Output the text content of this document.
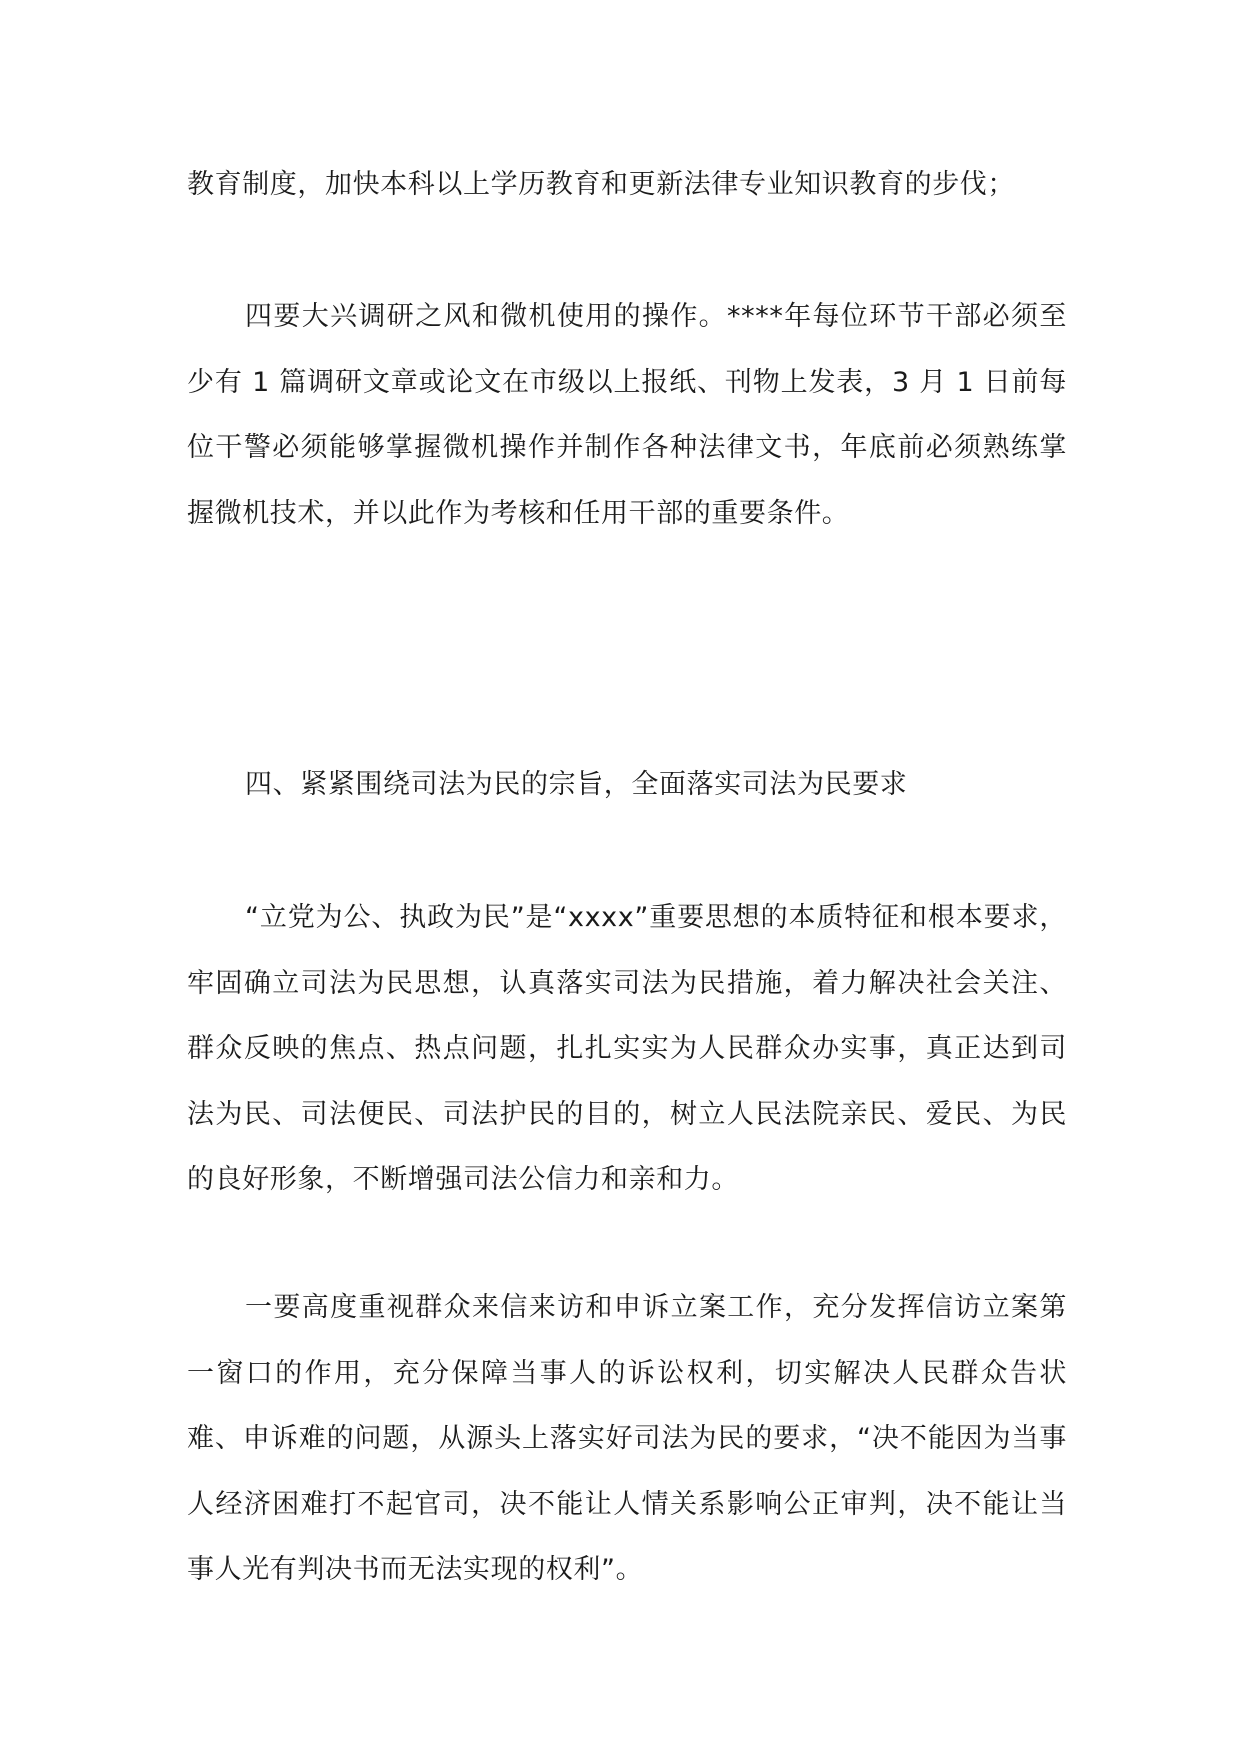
教育制度，加快本科以上学历教育和更新法律专业知识教育的步伐；

四要大兴调研之风和微机使用的操作。****年每位环节干部必须至少有 1 篇调研文章或论文在市级以上报纸、刊物上发表，3 月 1 日前每位干警必须能够掌握微机操作并制作各种法律文书，年底前必须熟练掌握微机技术，并以此作为考核和任用干部的重要条件。

四、紧紧围绕司法为民的宗旨，全面落实司法为民要求

“立党为公、执政为民”是“xxxx”重要思想的本质特征和根本要求，牢固确立司法为民思想，认真落实司法为民措施，着力解决社会关注、群众反映的焦点、热点问题，扎扎实实为人民群众办实事，真正达到司法为民、司法便民、司法护民的目的，树立人民法院亲民、爱民、为民的良好形象，不断增强司法公信力和亲和力。

一要高度重视群众来信来访和申诉立案工作，充分发挥信访立案第一窗口的作用，充分保障当事人的诉讼权利，切实解决人民群众告状难、申诉难的问题，从源头上落实好司法为民的要求，“决不能因为当事人经济困难打不起官司，决不能让人情关系影响公正审判，决不能让当事人光有判决书而无法实现的权利”。
